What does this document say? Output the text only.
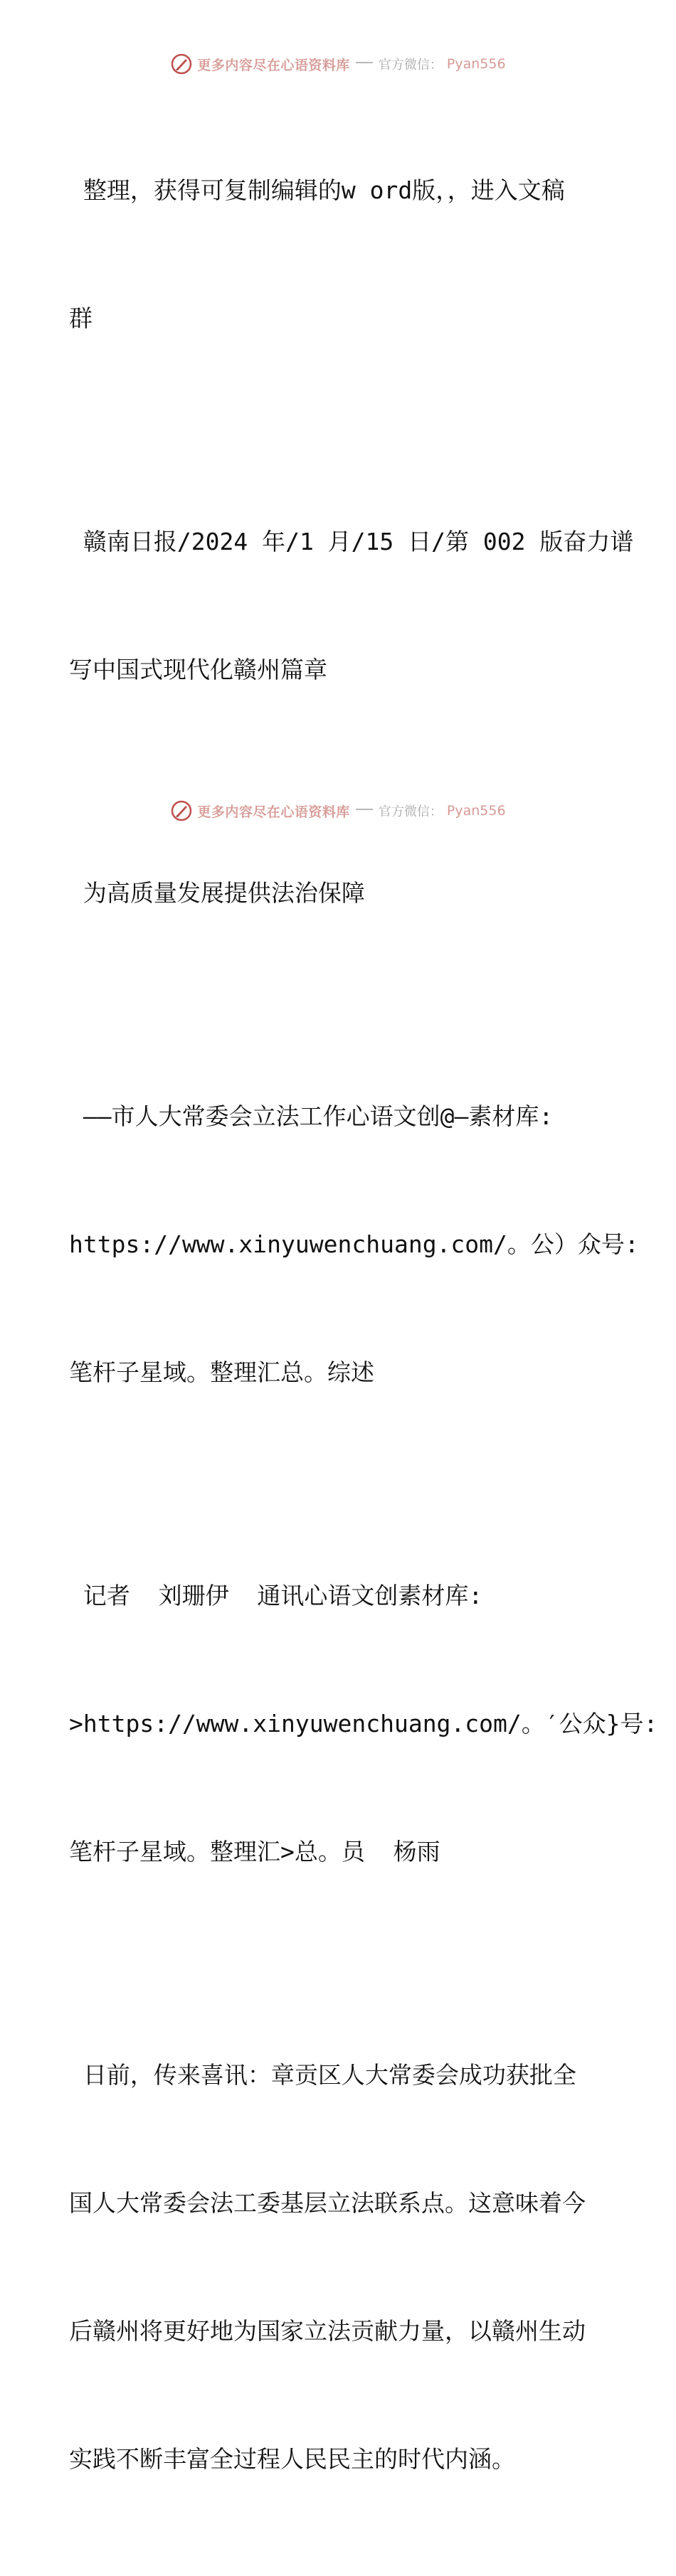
更多内容尽在心语资料库 官方微信： Pyan556

整理，获得可复制编辑的w ord版，，进入文稿

群

赣南日报/2024 年/1 月/15 日/第 002 版奋力谱

写中国式现代化赣州篇章

为高质量发展提供法治保障

——市人大常委会立法工作心语文创@—素材库:

https://www.xinyuwenchuang.com/。公）众号:

笔杆子星域。整理汇总。综述

记者  刘珊伊  通讯心语文创素材库:

>https://www.xinyuwenchuang.com/。′公众}号:

笔杆子星域。整理汇>总。员  杨雨

日前，传来喜讯：章贡区人大常委会成功获批全

国人大常委会法工委基层立法联系点。这意味着今

后赣州将更好地为国家立法贡献力量，以赣州生动

实践不断丰富全过程人民民主的时代内涵。

更多内容尽在心语资料库 官方微信： Pyan556
